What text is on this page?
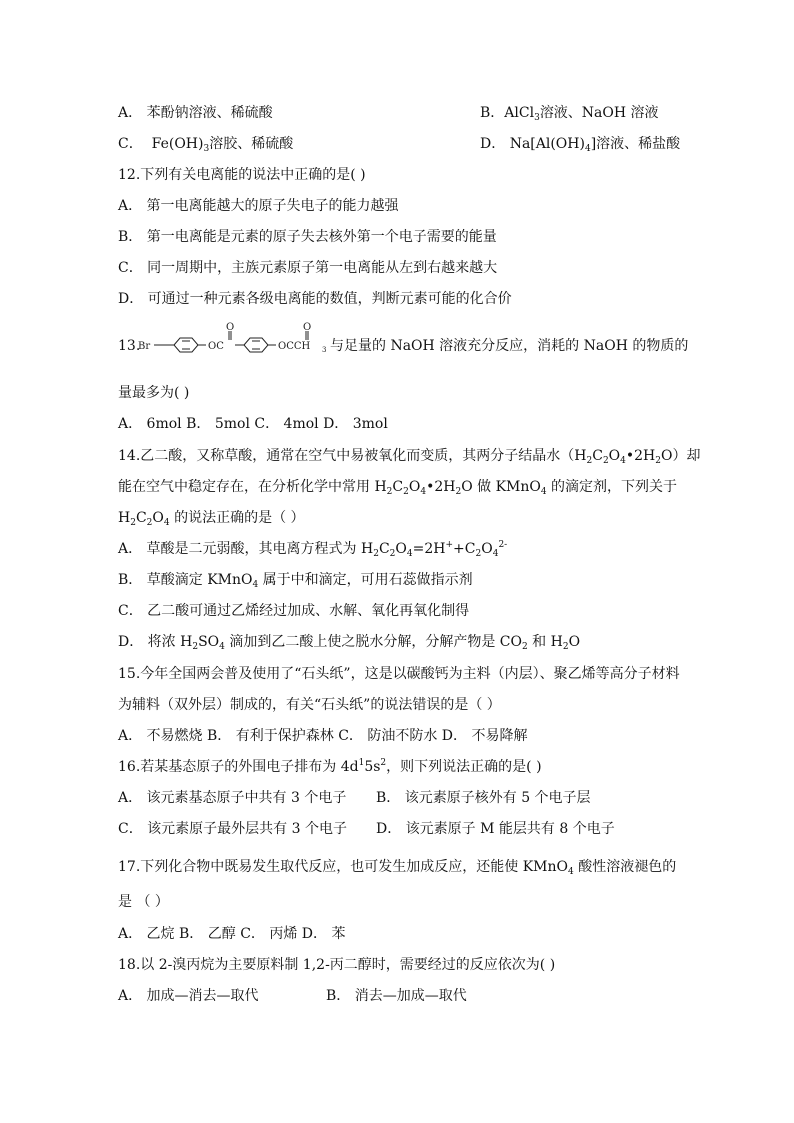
A． 苯酚钠溶液、稀硫酸	B．AlCl$_3$溶液、NaOH 溶液
C． $Fe(OH)_3$溶胶、稀硫酸	D． $Na[Al(OH)_4]$溶液、稀盐酸
12.下列有关电离能的说法中正确的是( )
A． 第一电离能越大的原子失电子的能力越强
B． 第一电离能是元素的原子失去核外第一个电子需要的能量
C． 同一周期中，主族元素原子第一电离能从左到右越来越大
D． 可通过一种元素各级电离能的数值，判断元素可能的化合价
13.
Br	OC
O
OCCH 3
O
与足量的 NaOH 溶液充分反应，消耗的 NaOH 的物质的
量最多为( )
A． 6mol B． 5mol C． 4mol D． 3mol
14.乙二酸，又称草酸，通常在空气中易被氧化而变质，其两分子结晶水$(H_2C_2O_4•2H_2O)$却
能在空气中稳定存在，在分析化学中常用 $H_2C_2O_4•2H_2O$ 做 KMnO$_4$ 的滴定剂，下列关于
$H_2C_2O_4$ 的说法正确的是（ ）
A． 草酸是二元弱酸，其电离方程式为 $H_2C_2O_4=2H^++C_2O_4^{2-}$
B． 草酸滴定 KMnO$_4$ 属于中和滴定，可用石蕊做指示剂
C． 乙二酸可通过乙烯经过加成、水解、氧化再氧化制得
D． 将浓 $H_2SO_4$ 滴加到乙二酸上使之脱水分解，分解产物是 $CO_2$ 和 $H_2O$
15.今年全国两会普及使用了“石头纸”，这是以碳酸钙为主料（内层）、聚乙烯等高分子材料
为辅料（双外层）制成的，有关“石头纸”的说法错误的是（ ）
A． 不易燃烧 B． 有利于保护森林 C． 防油不防水 D． 不易降解
16.若某基态原子的外围电子排布为 $4d^15s^2$，则下列说法正确的是( )
A． 该元素基态原子中共有 3 个电子 B． 该元素原子核外有 5 个电子层
C． 该元素原子最外层共有 3 个电子 D． 该元素原子 M 能层共有 8 个电子
17.下列化合物中既易发生取代反应，也可发生加成反应，还能使 KMnO$_4$ 酸性溶液褪色的
是 （ ）
A． 乙烷 B． 乙醇 C． 丙烯 D． 苯
18.以 2-溴丙烷为主要原料制 1,2-丙二醇时，需要经过的反应依次为( )
A． 加成—消去—取代	B． 消去—加成—取代
